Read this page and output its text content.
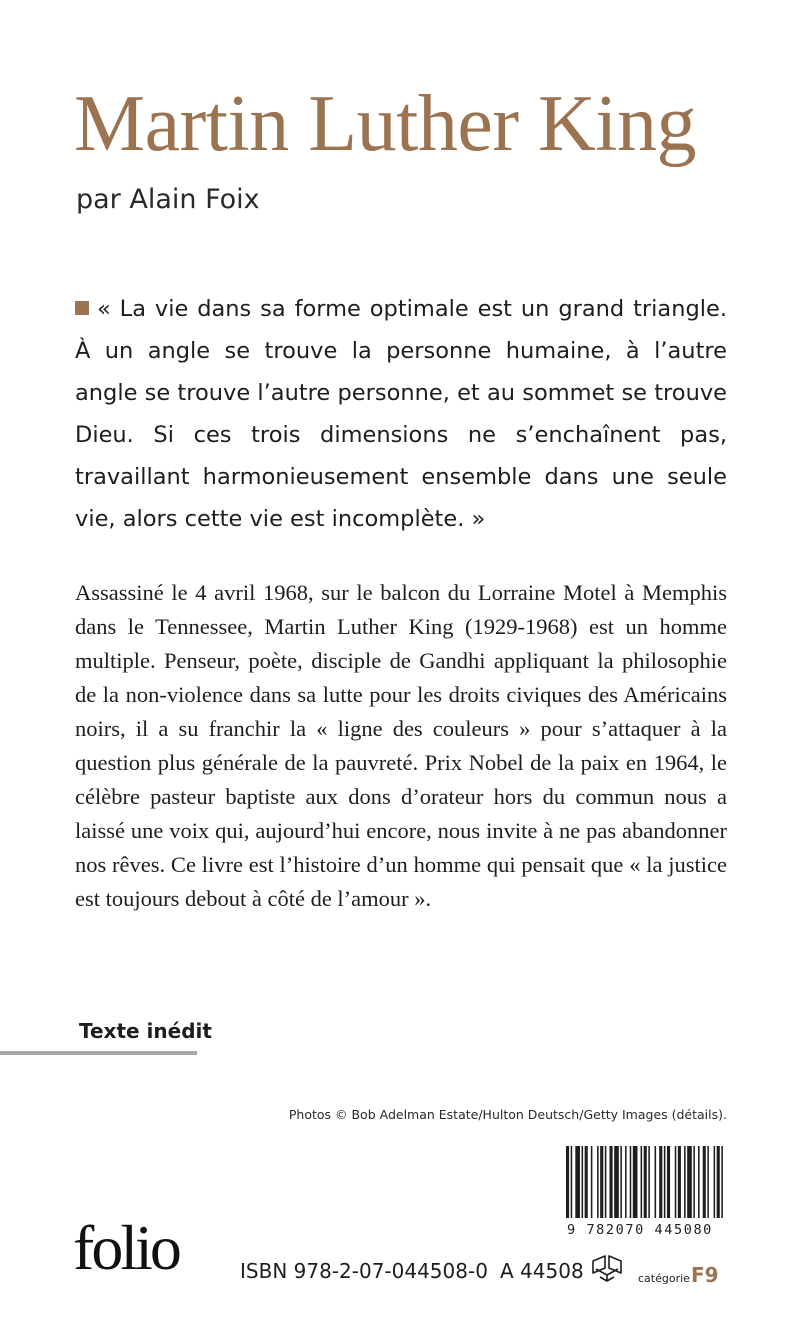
Martin Luther King
par Alain Foix

« La vie dans sa forme optimale est un grand triangle. À un angle se trouve la personne humaine, à l’autre angle se trouve l’autre personne, et au sommet se trouve Dieu. Si ces trois dimensions ne s’enchaînent pas, travaillant harmonieusement ensemble dans une seule vie, alors cette vie est incomplète. »

Assassiné le 4 avril 1968, sur le balcon du Lorraine Motel à Memphis dans le Tennessee, Martin Luther King (1929-1968) est un homme multiple. Penseur, poète, disciple de Gandhi appliquant la philosophie de la non-violence dans sa lutte pour les droits civiques des Américains noirs, il a su franchir la « ligne des couleurs » pour s’attaquer à la question plus générale de la pauvreté. Prix Nobel de la paix en 1964, le célèbre pasteur baptiste aux dons d’orateur hors du commun nous a laissé une voix qui, aujourd’hui encore, nous invite à ne pas abandonner nos rêves. Ce livre est l’histoire d’un homme qui pensait que « la justice est toujours debout à côté de l’amour ».

Texte inédit
Photos © Bob Adelman Estate/Hulton Deutsch/Getty Images (détails).
9 782070 445080
folio	ISBN 978-2-07-044508-0 A 44508	catégorieF9
